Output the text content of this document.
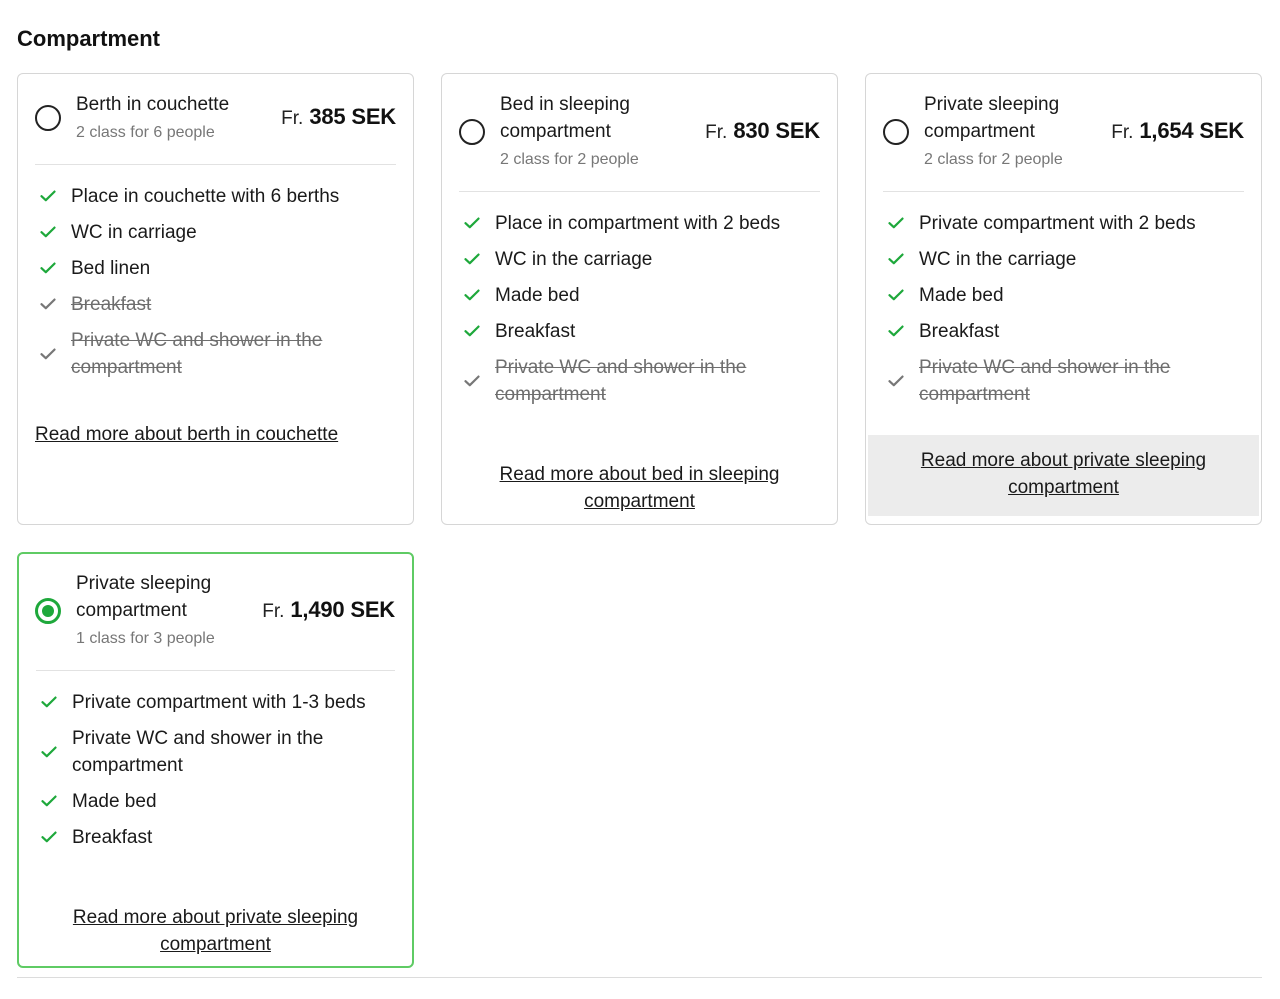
Compartment
Berth in couchette
2 class for 6 people
Fr. 385 SEK
Place in couchette with 6 berths
WC in carriage
Bed linen
Breakfast
Private WC and shower in the compartment
Read more about berth in couchette
Bed in sleeping compartment
2 class for 2 people
Fr. 830 SEK
Place in compartment with 2 beds
WC in the carriage
Made bed
Breakfast
Private WC and shower in the compartment
Read more about bed in sleeping compartment
Private sleeping compartment
2 class for 2 people
Fr. 1,654 SEK
Private compartment with 2 beds
WC in the carriage
Made bed
Breakfast
Private WC and shower in the compartment
Read more about private sleeping compartment
Private sleeping compartment
1 class for 3 people
Fr. 1,490 SEK
Private compartment with 1-3 beds
Private WC and shower in the compartment
Made bed
Breakfast
Read more about private sleeping compartment
